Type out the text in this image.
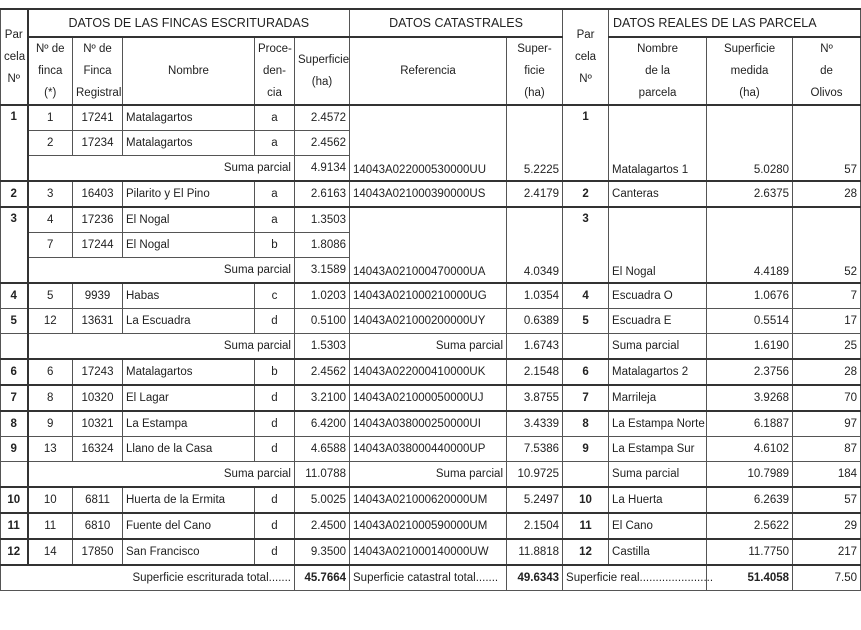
Par
cela
Nº	DATOS DE LAS FINCAS ESCRITURADAS					DATOS CATASTRALES		Par
cela
Nº	DATOS REALES DE LAS PARCELA		
	Nº de
finca
(*)	Nº de
Finca
Registral	Nombre	Proce-
den-
cia	Superficie
(ha)	Referencia	Super-
ficie
(ha)		Nombre
de la
parcela	Superficie
medida
(ha)	Nº
de
Olivos
1	1	17241	Matalagartos	a	2.4572	14043A022000530000UU	5.2225	1	Matalagartos 1	5.0280	57
	2	17234	Matalagartos	a	2.4562						
	Suma parcial				4.9134						
2	3	16403	Pilarito y El Pino	a	2.6163	14043A021000390000US	2.4179	2	Canteras	2.6375	28
3	4	17236	El Nogal	a	1.3503	14043A021000470000UA	4.0349	3	El Nogal	4.4189	52
	7	17244	El Nogal	b	1.8086						
	Suma parcial				3.1589						
4	5	9939	Habas	c	1.0203	14043A021000210000UG	1.0354	4	Escuadra O	1.0676	7
5	12	13631	La Escuadra	d	0.5100	14043A021000200000UY	0.6389	5	Escuadra E	0.5514	17
	Suma parcial				1.5303	Suma parcial	1.6743		Suma parcial	1.6190	25
6	6	17243	Matalagartos	b	2.4562	14043A022000410000UK	2.1548	6	Matalagartos 2	2.3756	28
7	8	10320	El Lagar	d	3.2100	14043A021000050000UJ	3.8755	7	Marrileja	3.9268	70
8	9	10321	La Estampa	d	6.4200	14043A038000250000UI	3.4339	8	La Estampa Norte	6.1887	97
9	13	16324	Llano de la Casa	d	4.6588	14043A038000440000UP	7.5386	9	La Estampa Sur	4.6102	87
	Suma parcial				11.0788	Suma parcial	10.9725		Suma parcial	10.7989	184
10	10	6811	Huerta de la Ermita	d	5.0025	14043A021000620000UM	5.2497	10	La Huerta	6.2639	57
11	11	6810	Fuente del Cano	d	2.4500	14043A021000590000UM	2.1504	11	El Cano	2.5622	29
12	14	17850	San Francisco	d	9.3500	14043A021000140000UW	11.8818	12	Castilla	11.7750	217
Superficie escriturada total.......					45.7664	Superficie catastral total.......	49.6343	Superficie real.......................		51.4058	7.50
